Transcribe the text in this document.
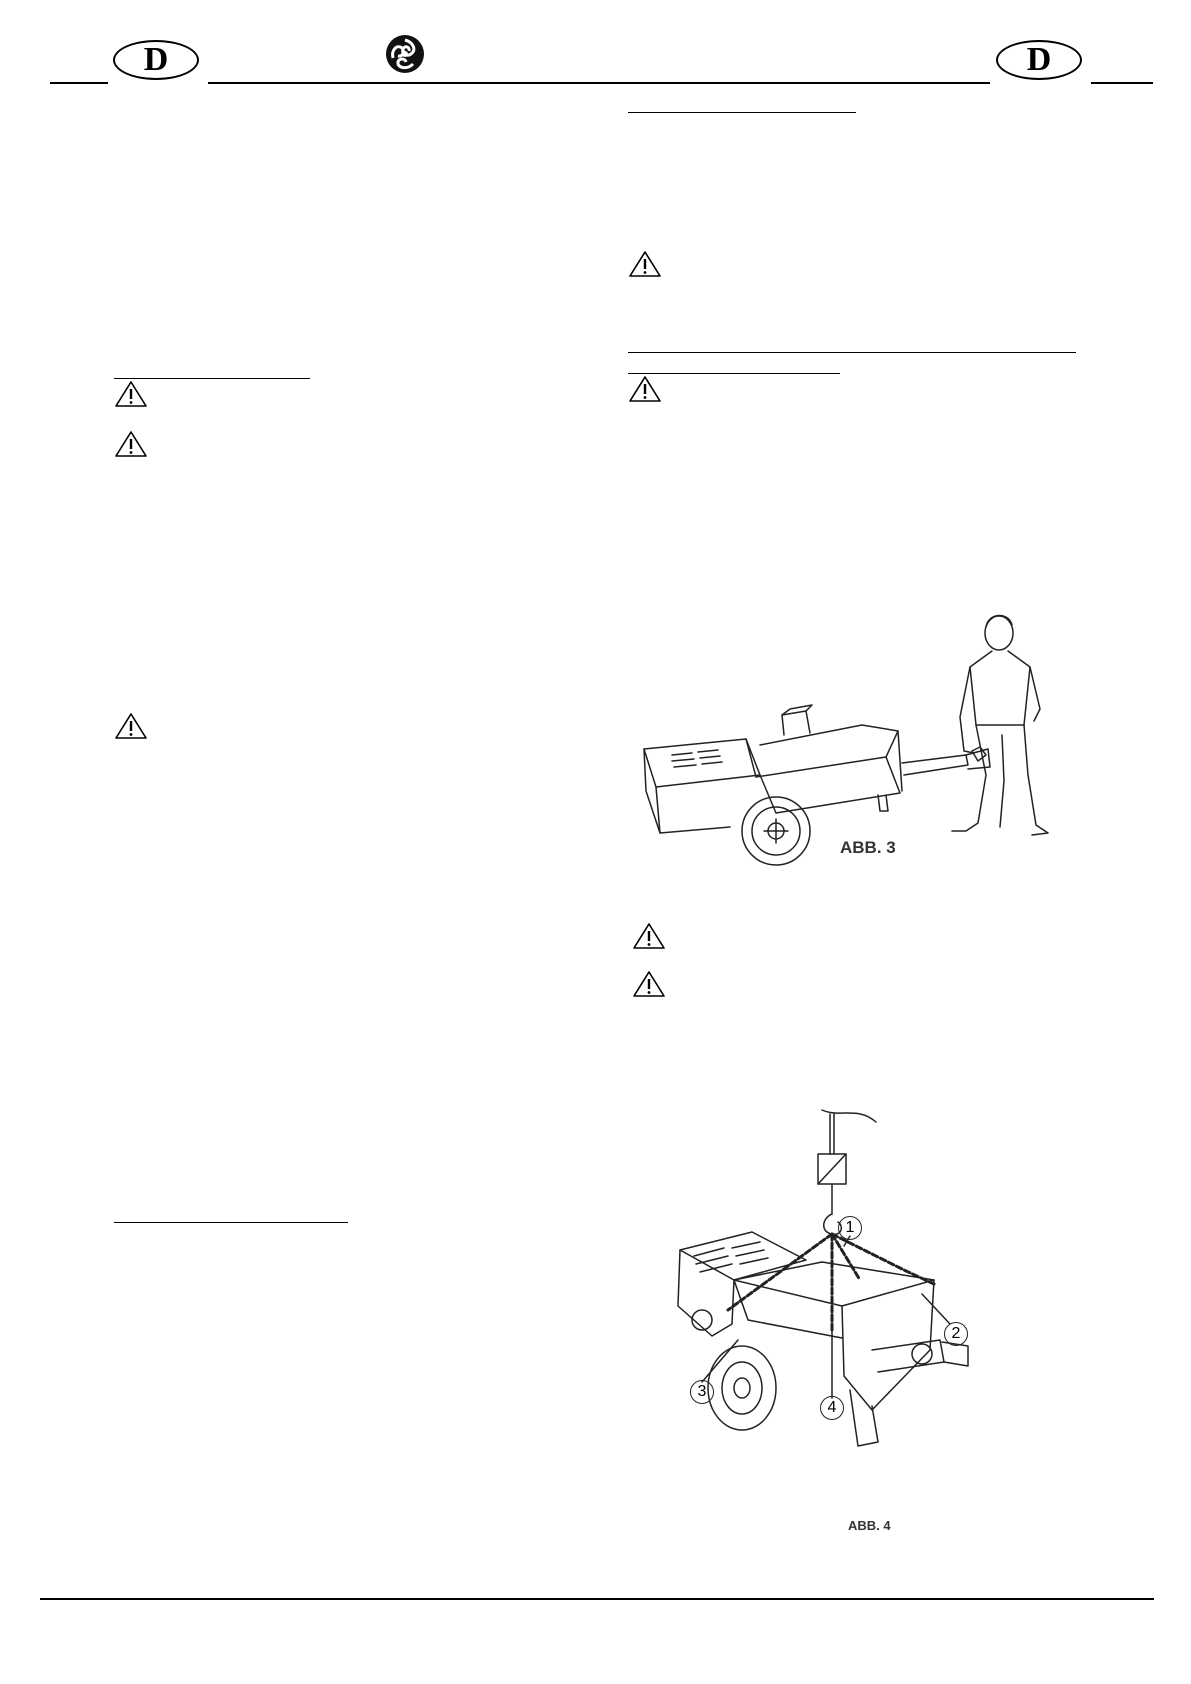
D	D
ABB. 3
1
2
3
4
ABB. 4
